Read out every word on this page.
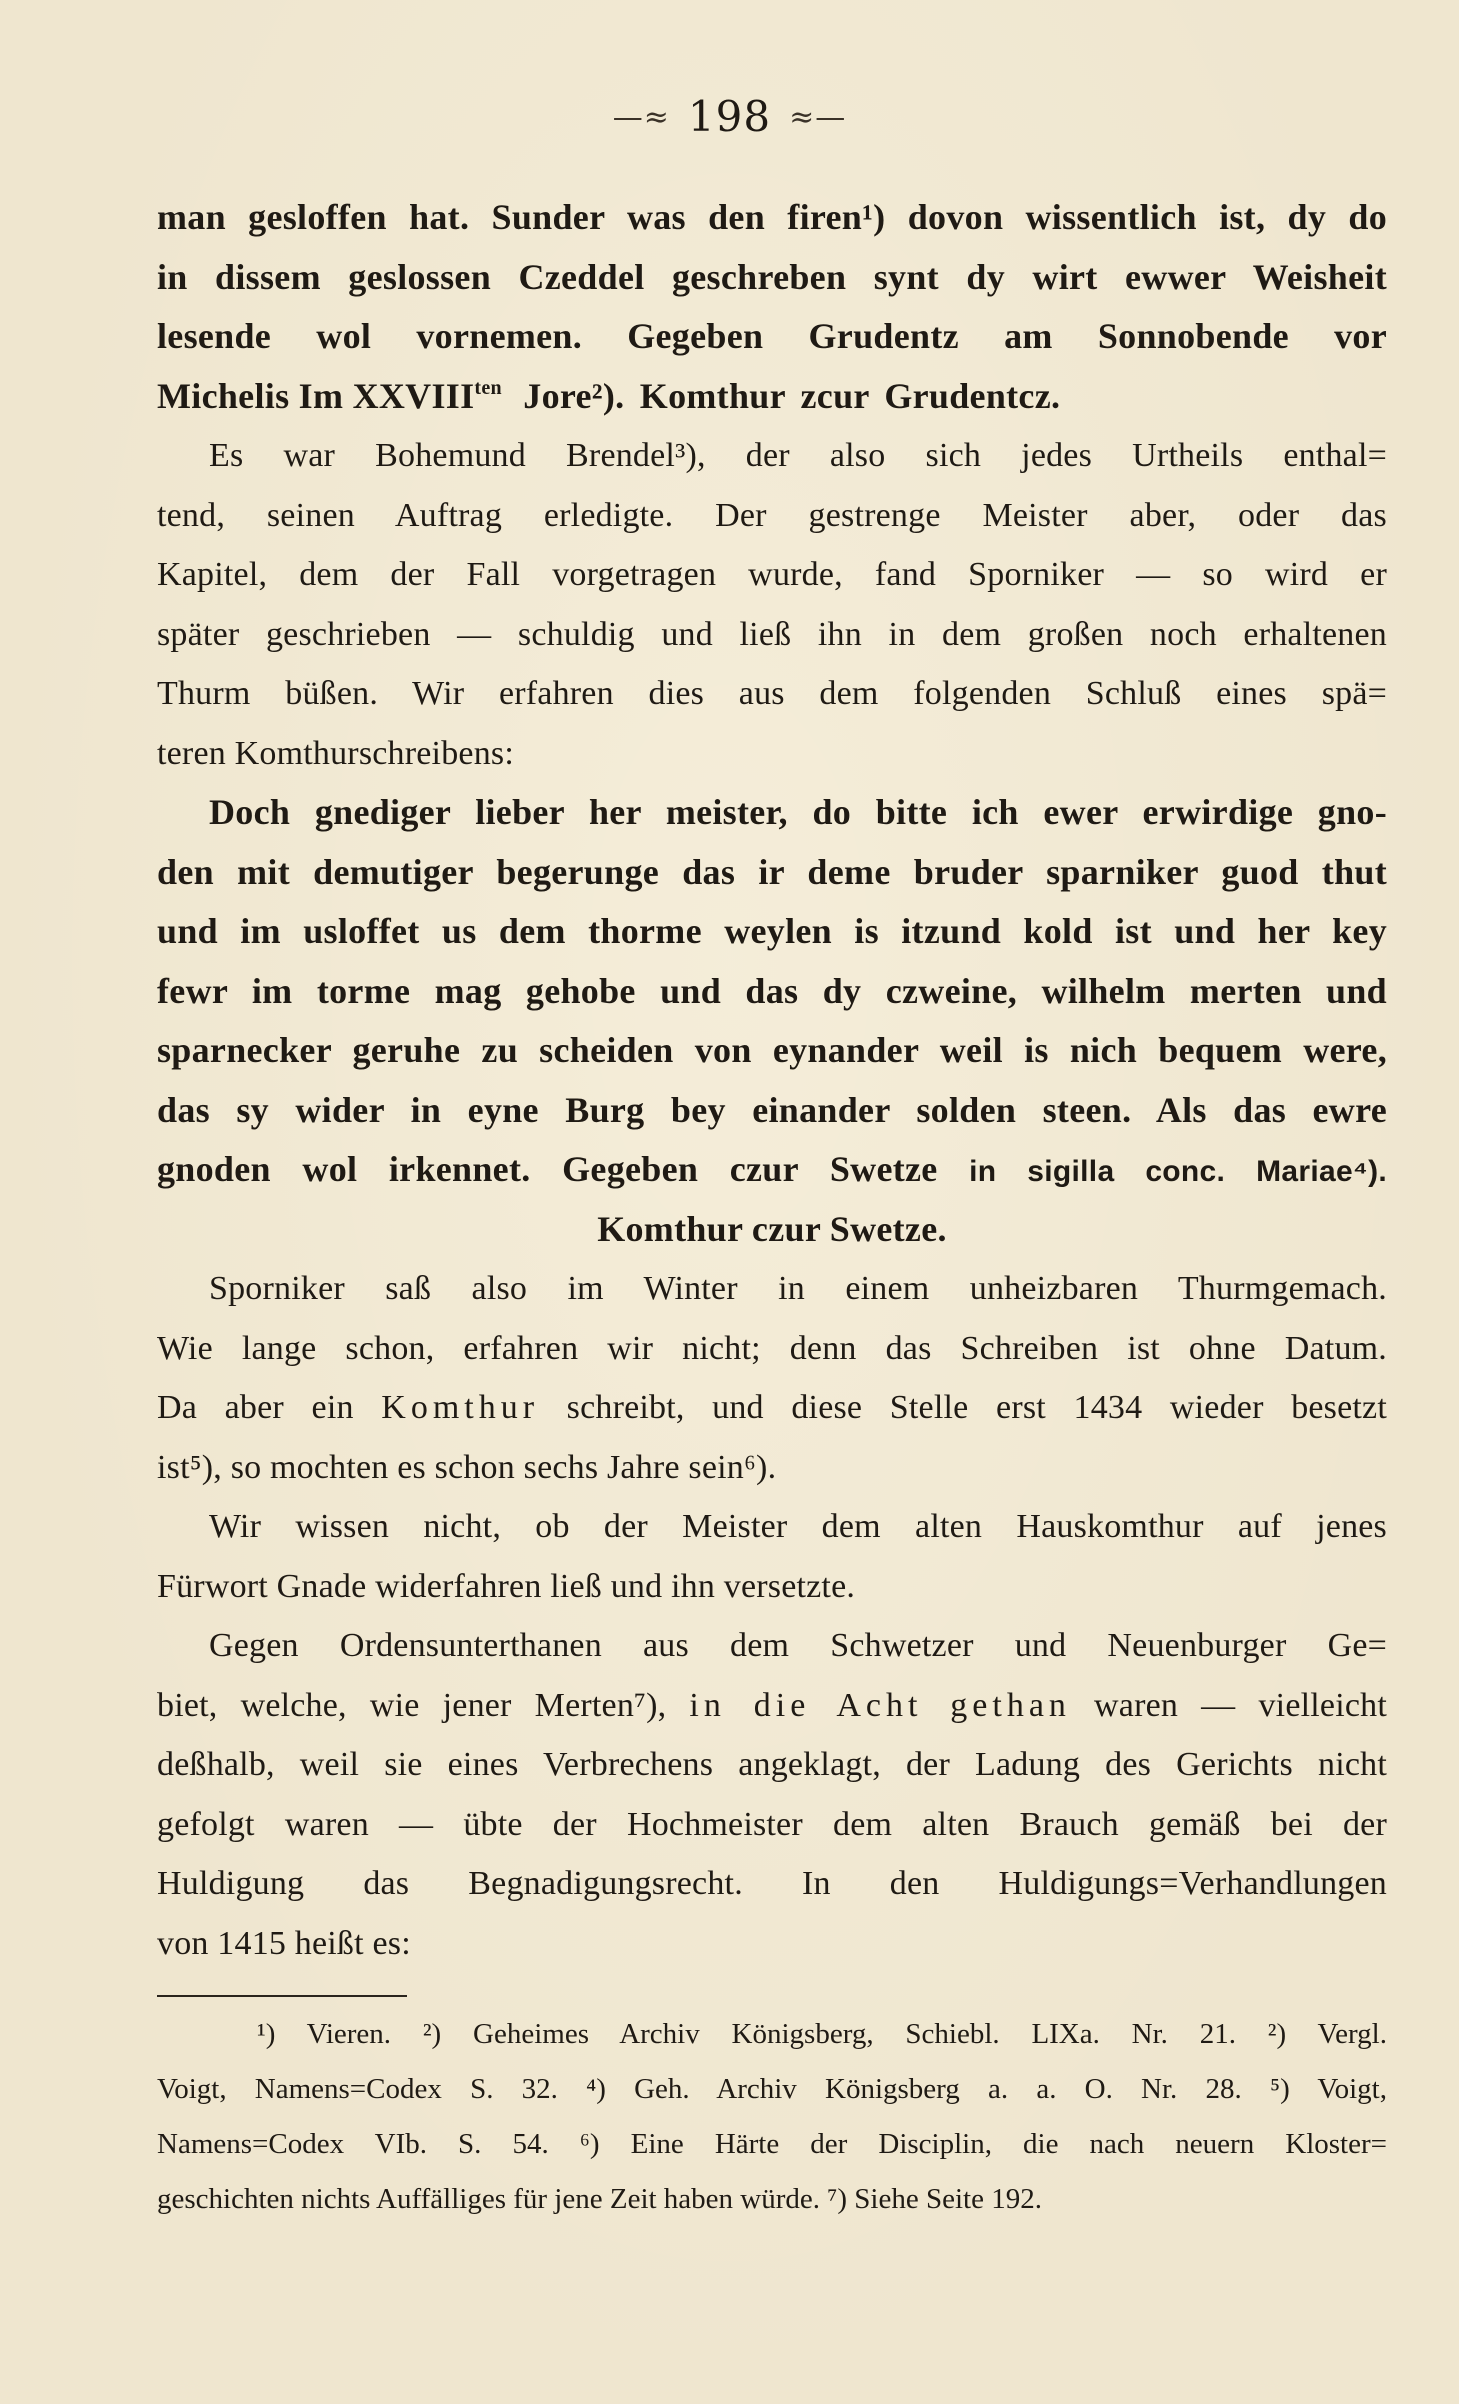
—≈ 198 ≈—
man gesloffen hat. Sunder was den firen¹) dovon wissentlich ist, dy do
in dissem geslossen Czeddel geschreben synt dy wirt ewwer Weisheit
lesende wol vornemen. Gegeben Grudentz am Sonnobende vor
Michelis Im $XXVIII^{ten}$ Jore²). Komthur zcur Grudentcz.
Es war Bohemund Brendel³), der also sich jedes Urtheils enthal=
tend, seinen Auftrag erledigte. Der gestrenge Meister aber, oder das
Kapitel, dem der Fall vorgetragen wurde, fand Sporniker — so wird er
später geschrieben — schuldig und ließ ihn in dem großen noch erhaltenen
Thurm büßen. Wir erfahren dies aus dem folgenden Schluß eines spä=
teren Komthurschreibens:
Doch gnediger lieber her meister, do bitte ich ewer erwirdige gno-
den mit demutiger begerunge das ir deme bruder sparniker guod thut
und im usloffet us dem thorme weylen is itzund kold ist und her key
fewr im torme mag gehobe und das dy czweine, wilhelm merten und
sparnecker geruhe zu scheiden von eynander weil is nich bequem were,
das sy wider in eyne Burg bey einander solden steen. Als das ewre
gnoden wol irkennet. Gegeben czur Swetze in sigilla conc. Mariae⁴).
Komthur czur Swetze.
Sporniker saß also im Winter in einem unheizbaren Thurmgemach.
Wie lange schon, erfahren wir nicht; denn das Schreiben ist ohne Datum.
Da aber ein Komthur schreibt, und diese Stelle erst 1434 wieder besetzt
ist⁵), so mochten es schon sechs Jahre sein⁶).
Wir wissen nicht, ob der Meister dem alten Hauskomthur auf jenes
Fürwort Gnade widerfahren ließ und ihn versetzte.
Gegen Ordensunterthanen aus dem Schwetzer und Neuenburger Ge=
biet, welche, wie jener Merten⁷), in die Acht gethan waren — vielleicht
deßhalb, weil sie eines Verbrechens angeklagt, der Ladung des Gerichts nicht
gefolgt waren — übte der Hochmeister dem alten Brauch gemäß bei der
Huldigung das Begnadigungsrecht. In den Huldigungs=Verhandlungen
von 1415 heißt es:
¹) Vieren. ²) Geheimes Archiv Königsberg, Schiebl. LIXa. Nr. 21. ²) Vergl.
Voigt, Namens=Codex S. 32. ⁴) Geh. Archiv Königsberg a. a. O. Nr. 28. ⁵) Voigt,
Namens=Codex VIb. S. 54. ⁶) Eine Härte der Disciplin, die nach neuern Kloster=
geschichten nichts Auffälliges für jene Zeit haben würde. ⁷) Siehe Seite 192.
